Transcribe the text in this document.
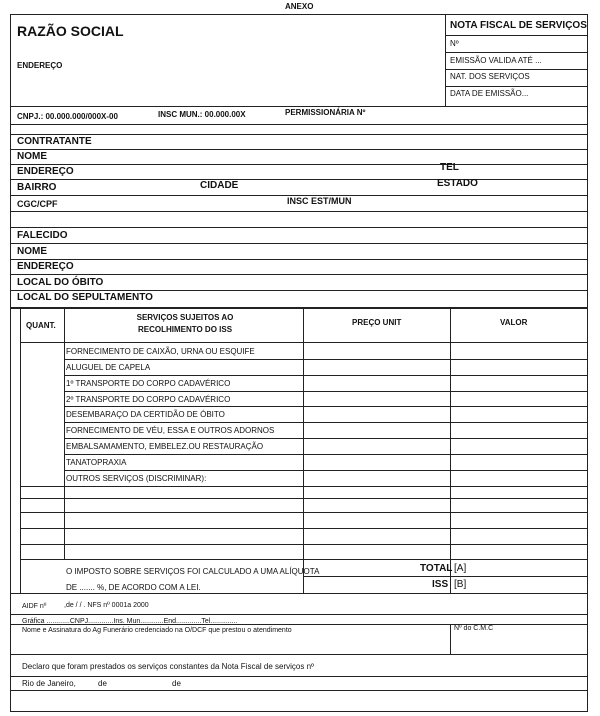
ANEXO
RAZÃO SOCIAL
ENDEREÇO
NOTA FISCAL DE SERVIÇOS
Nº
EMISSÃO VALIDA ATÉ ...
NAT. DOS SERVIÇOS
DATA DE EMISSÃO...
CNPJ.: 00.000.000/000X-00	INSC MUN.: 00.000.00X	PERMISSIONÁRIA Nº
CONTRATANTE
NOME
ENDEREÇO	TEL
BAIRRO	CIDADE	ESTADO
CGC/CPF	INSC EST/MUN
FALECIDO
NOME
ENDEREÇO
LOCAL DO ÓBITO
LOCAL DO SEPULTAMENTO
QUANT.
SERVIÇOS SUJEITOS AO
RECOLHIMENTO DO ISS
PREÇO UNIT	VALOR
FORNECIMENTO DE CAIXÃO, URNA OU ESQUIFE
ALUGUEL DE CAPELA
1º TRANSPORTE DO CORPO CADAVÉRICO
2º TRANSPORTE DO CORPO CADAVÉRICO
DESEMBARAÇO DA CERTIDÃO DE ÓBITO
FORNECIMENTO DE VÉU, ESSA E OUTROS ADORNOS
EMBALSAMAMENTO, EMBELEZ.OU RESTAURAÇÃO
TANATOPRAXIA
OUTROS SERVIÇOS (DISCRIMINAR):
O IMPOSTO SOBRE SERVIÇOS FOI CALCULADO A UMA ALÍQUOTA
DE ....... %, DE ACORDO COM A LEI.
TOTAL [A]
ISS [B]
AIDF nº	,de / / . NFS nº 0001a 2000
Gráfica ............CNPJ.............Ins. Mun............End.............Tel..............
Nome e Assinatura do Ag Funerário credenciado na O/DCF que prestou o atendimento	Nº do C.M.C
Declaro que foram prestados os serviços constantes da Nota Fiscal de serviços nº
Rio de Janeiro,	de	de
